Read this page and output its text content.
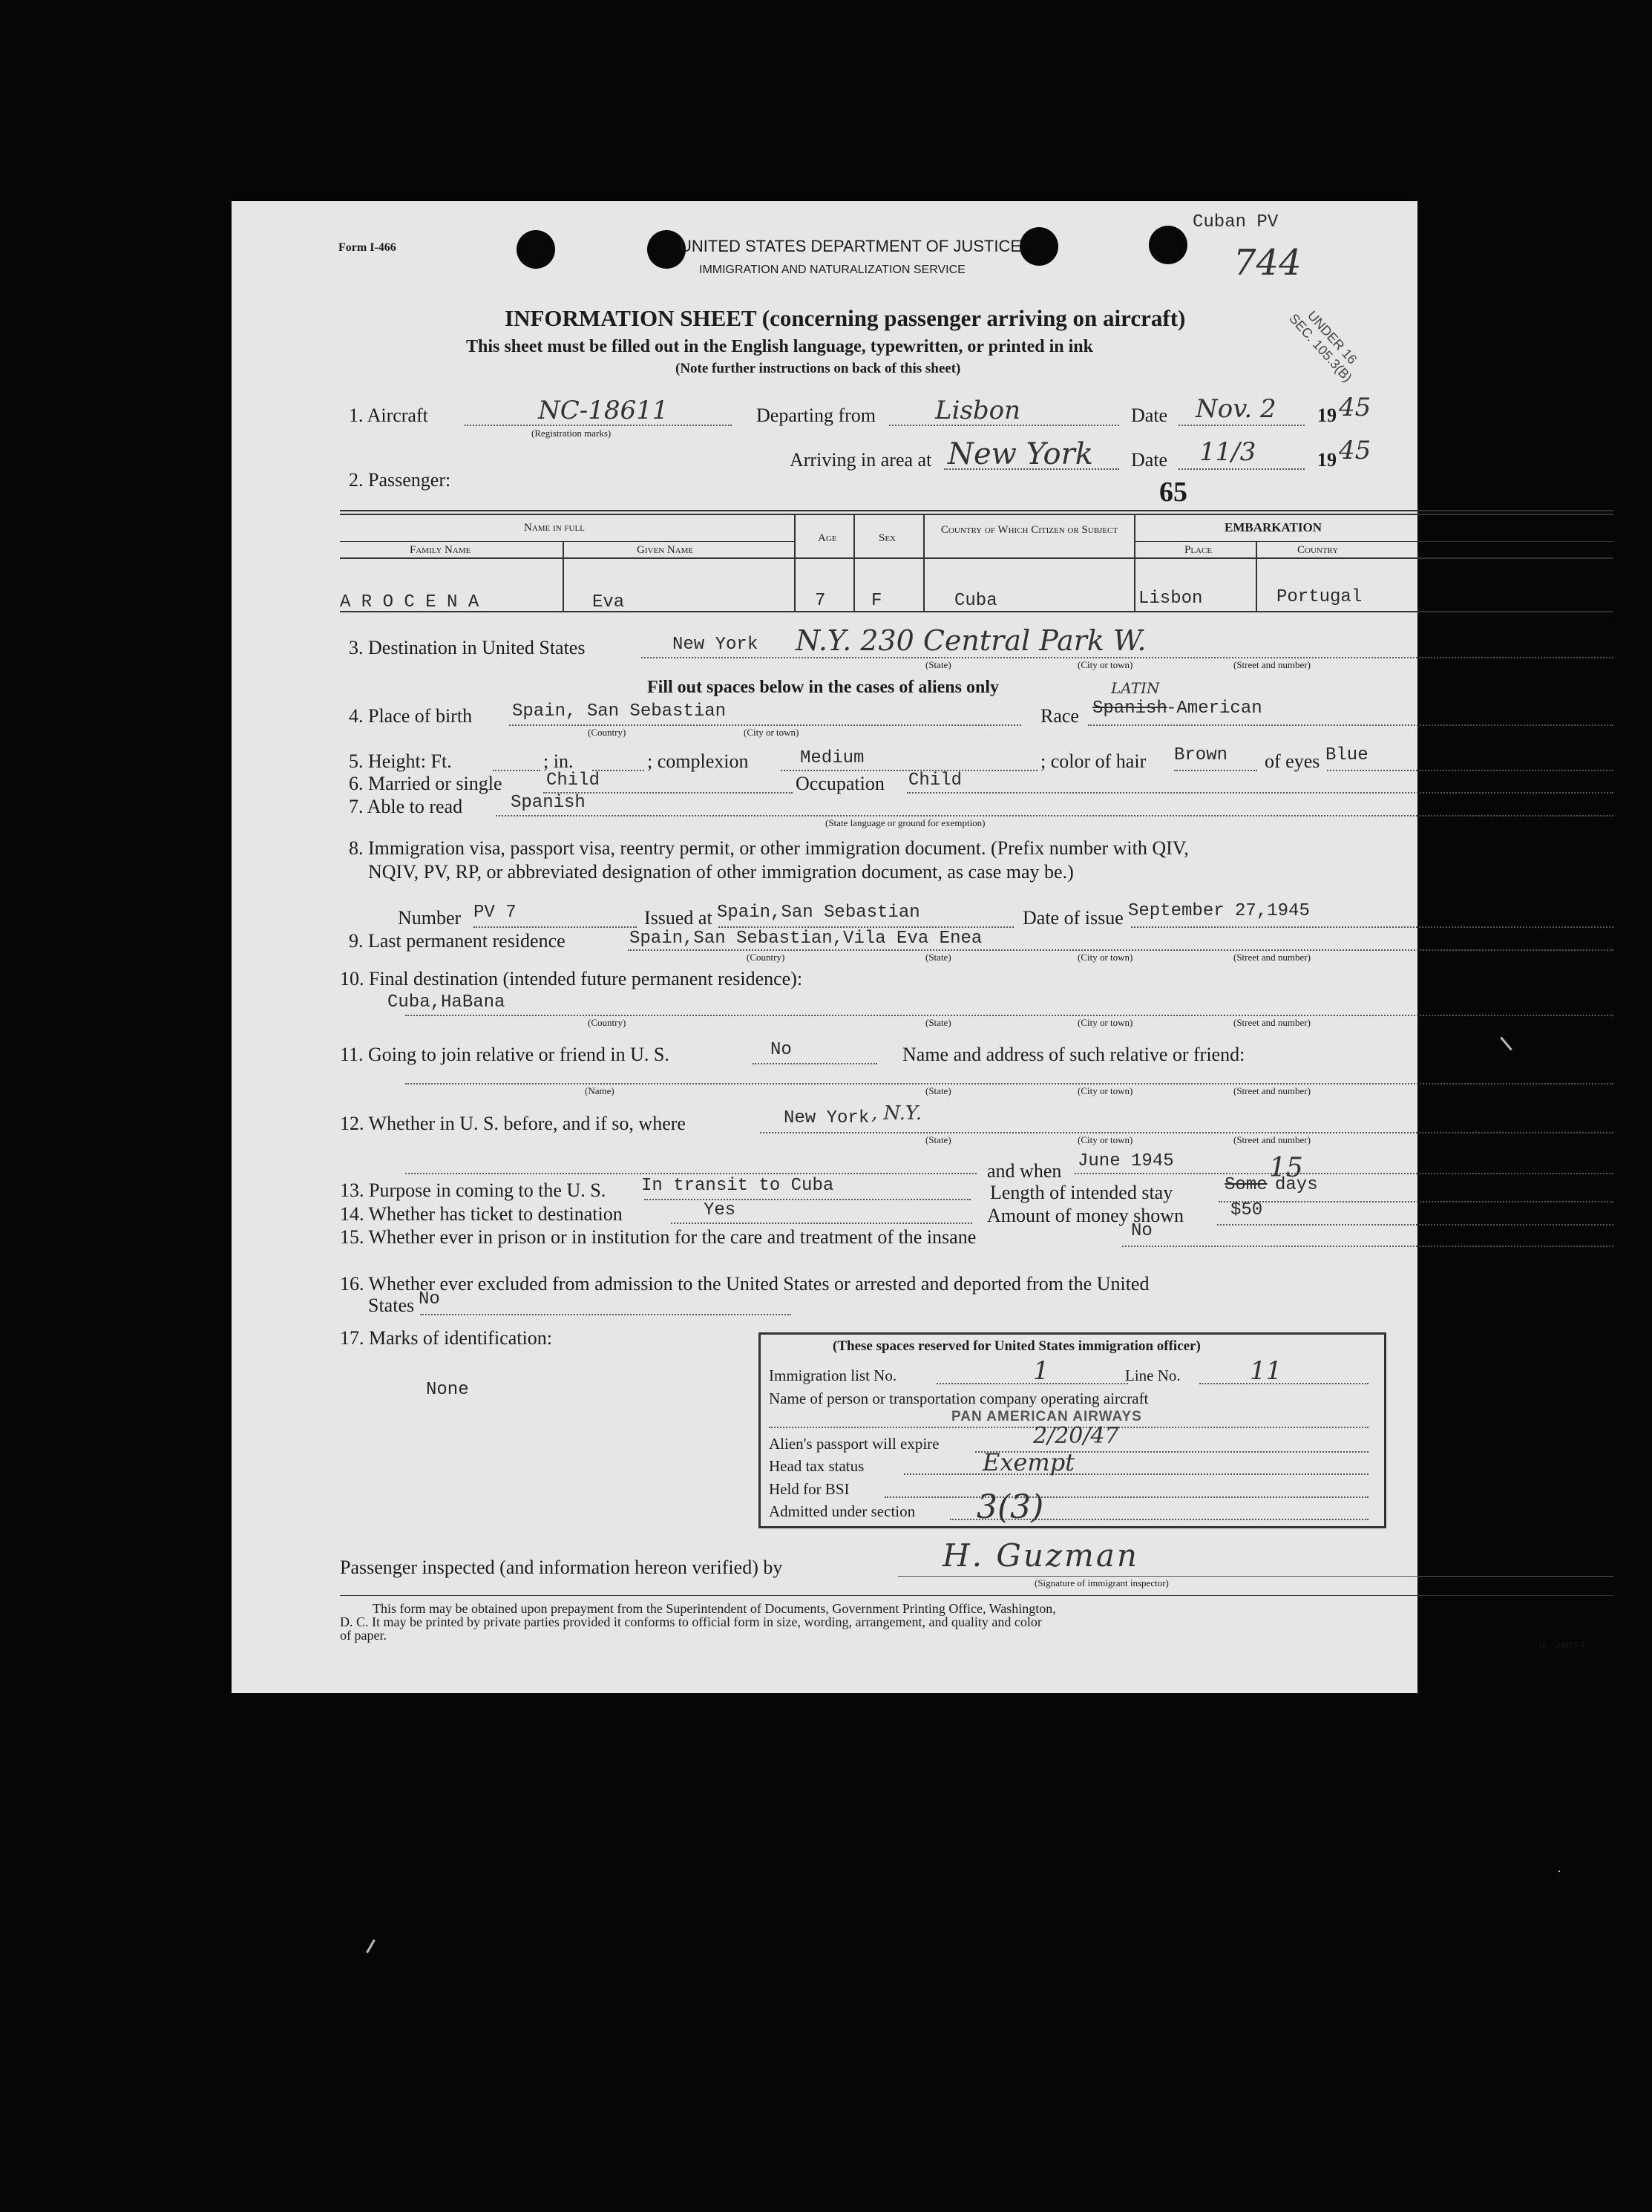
Form I-466	UNITED STATES DEPARTMENT OF JUSTICE
IMMIGRATION AND NATURALIZATION SERVICE
Cuban PV
744
UNDER 16 SEC. 105.3(B)
INFORMATION SHEET (concerning passenger arriving on aircraft)
This sheet must be filled out in the English language, typewritten, or printed in ink
(Note further instructions on back of this sheet)
1. Aircraft	NC-18611
(Registration marks)
Departing from Lisbon	Date Nov. 2 19 45
Arriving in area at New York Date 11/3	19 45
65
2. Passenger:
Name in full
Family Name	Given Name
Age	Sex
Country of Which Citizen or Subject	EMBARKATION
Place	Country
A R O C E N A	Eva	7	F	Cuba	Lisbon	Portugal
3. Destination in United States	New York N.Y. 230 Central Park W.
(State)	(City or town)	(Street and number)
Fill out spaces below in the cases of aliens only
4. Place of birth Spain, San Sebastian
(Country)	(City or town)
Race Spanish
-American
LATIN
5. Height: Ft.	; in.	; complexion	Medium	; color of hair Brown of eyes Blue
6. Married or single Child	Occupation Child
7. Able to read	Spanish
(State language or ground for exemption)
8. Immigration visa, passport visa, reentry permit, or other immigration document. (Prefix number with QIV,
NQIV, PV, RP, or abbreviated designation of other immigration document, as case may be.)
Number PV 7	Issued at Spain,San Sebastian	Date of issue September 27,1945
9. Last permanent residence	Spain,San Sebastian,Vila Eva Enea
(Country)	(State)	(City or town)	(Street and number)
10. Final destination (intended future permanent residence):
Cuba,HaBana
(Country)	(State)	(City or town)	(Street and number)
11. Going to join relative or friend in U. S.	No	Name and address of such relative or friend:
(Name)	(State)	(City or town)	(Street and number)
12. Whether in U. S. before, and if so, where	New York , N.Y.
(State)	(City or town)	(Street and number)
and when June 1945
13. Purpose in coming to the U. S. In transit to Cuba	Length of intended stay	Some
15
days
14. Whether has ticket to destination	Yes	Amount of money shown	$50
15. Whether ever in prison or in institution for the care and treatment of the insane	No
16. Whether ever excluded from admission to the United States or arrested and deported from the United
States No
17. Marks of identification:
None
(These spaces reserved for United States immigration officer)
Immigration list No.	1	Line No.	11
Name of person or transportation company operating aircraft
PAN AMERICAN AIRWAYS
Alien's passport will expire	2/20/47
Head tax status	Exempt
Held for BSI
Admitted under section 3(3)
Passenger inspected (and information hereon verified) by	H. Guzman
(Signature of immigrant inspector)
This form may be obtained upon prepayment from the Superintendent of Documents, Government Printing Office, Washington,
D. C. It may be printed by private parties provided it conforms to official form in size, wording, arrangement, and quality and color
of paper.
16—24915-1
